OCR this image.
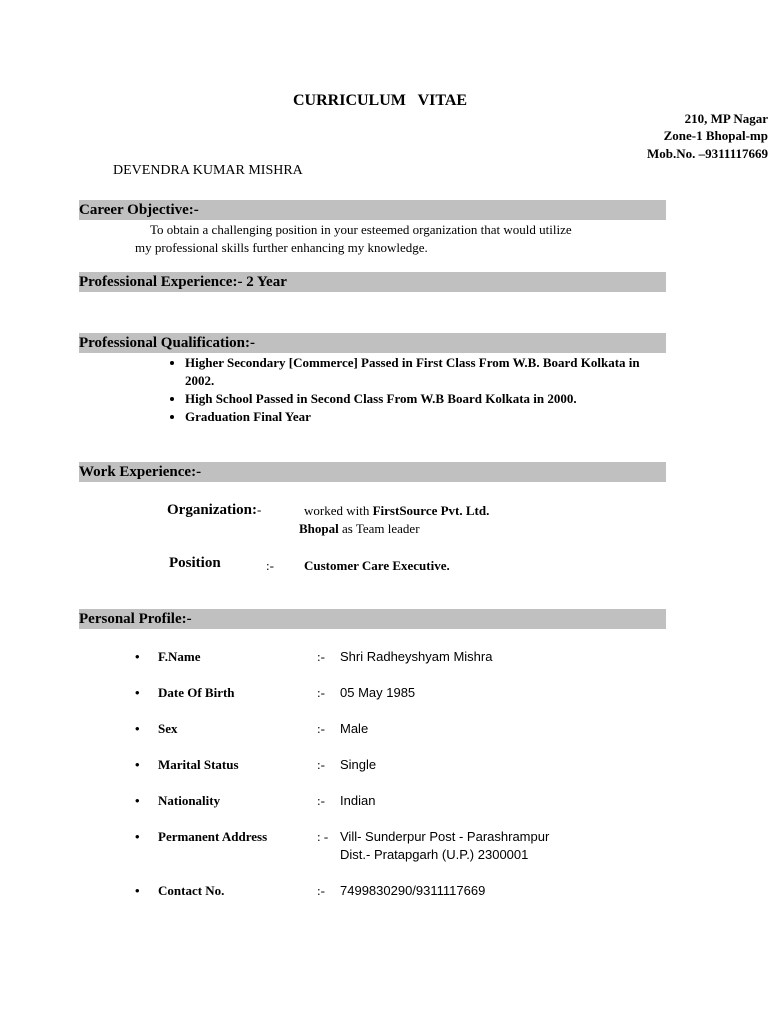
CURRICULUM VITAE
210, MP Nagar
Zone-1 Bhopal-mp
Mob.No. –9311117669
DEVENDRA KUMAR MISHRA
Career Objective:-
To obtain a challenging position in your esteemed organization that would utilize
my professional skills further enhancing my knowledge.
Professional Experience:- 2 Year
Professional Qualification:-
• Higher Secondary [Commerce] Passed in First Class From W.B. Board Kolkata in 2002.
• High School Passed in Second Class From W.B Board Kolkata in 2000.
• Graduation Final Year
Work Experience:-
Organization:-	worked with FirstSource Pvt. Ltd.
Bhopal as Team leader
Position	:- Customer Care Executive.
Personal Profile:-
• F.Name	:- Shri Radheyshyam Mishra
• Date Of Birth	:- 05 May 1985
• Sex	:- Male
• Marital Status	:- Single
• Nationality	:- Indian
• Permanent Address	: - Vill- Sunderpur Post - Parashrampur
Dist.- Pratapgarh (U.P.) 2300001
• Contact No.	:- 7499830290/9311117669
